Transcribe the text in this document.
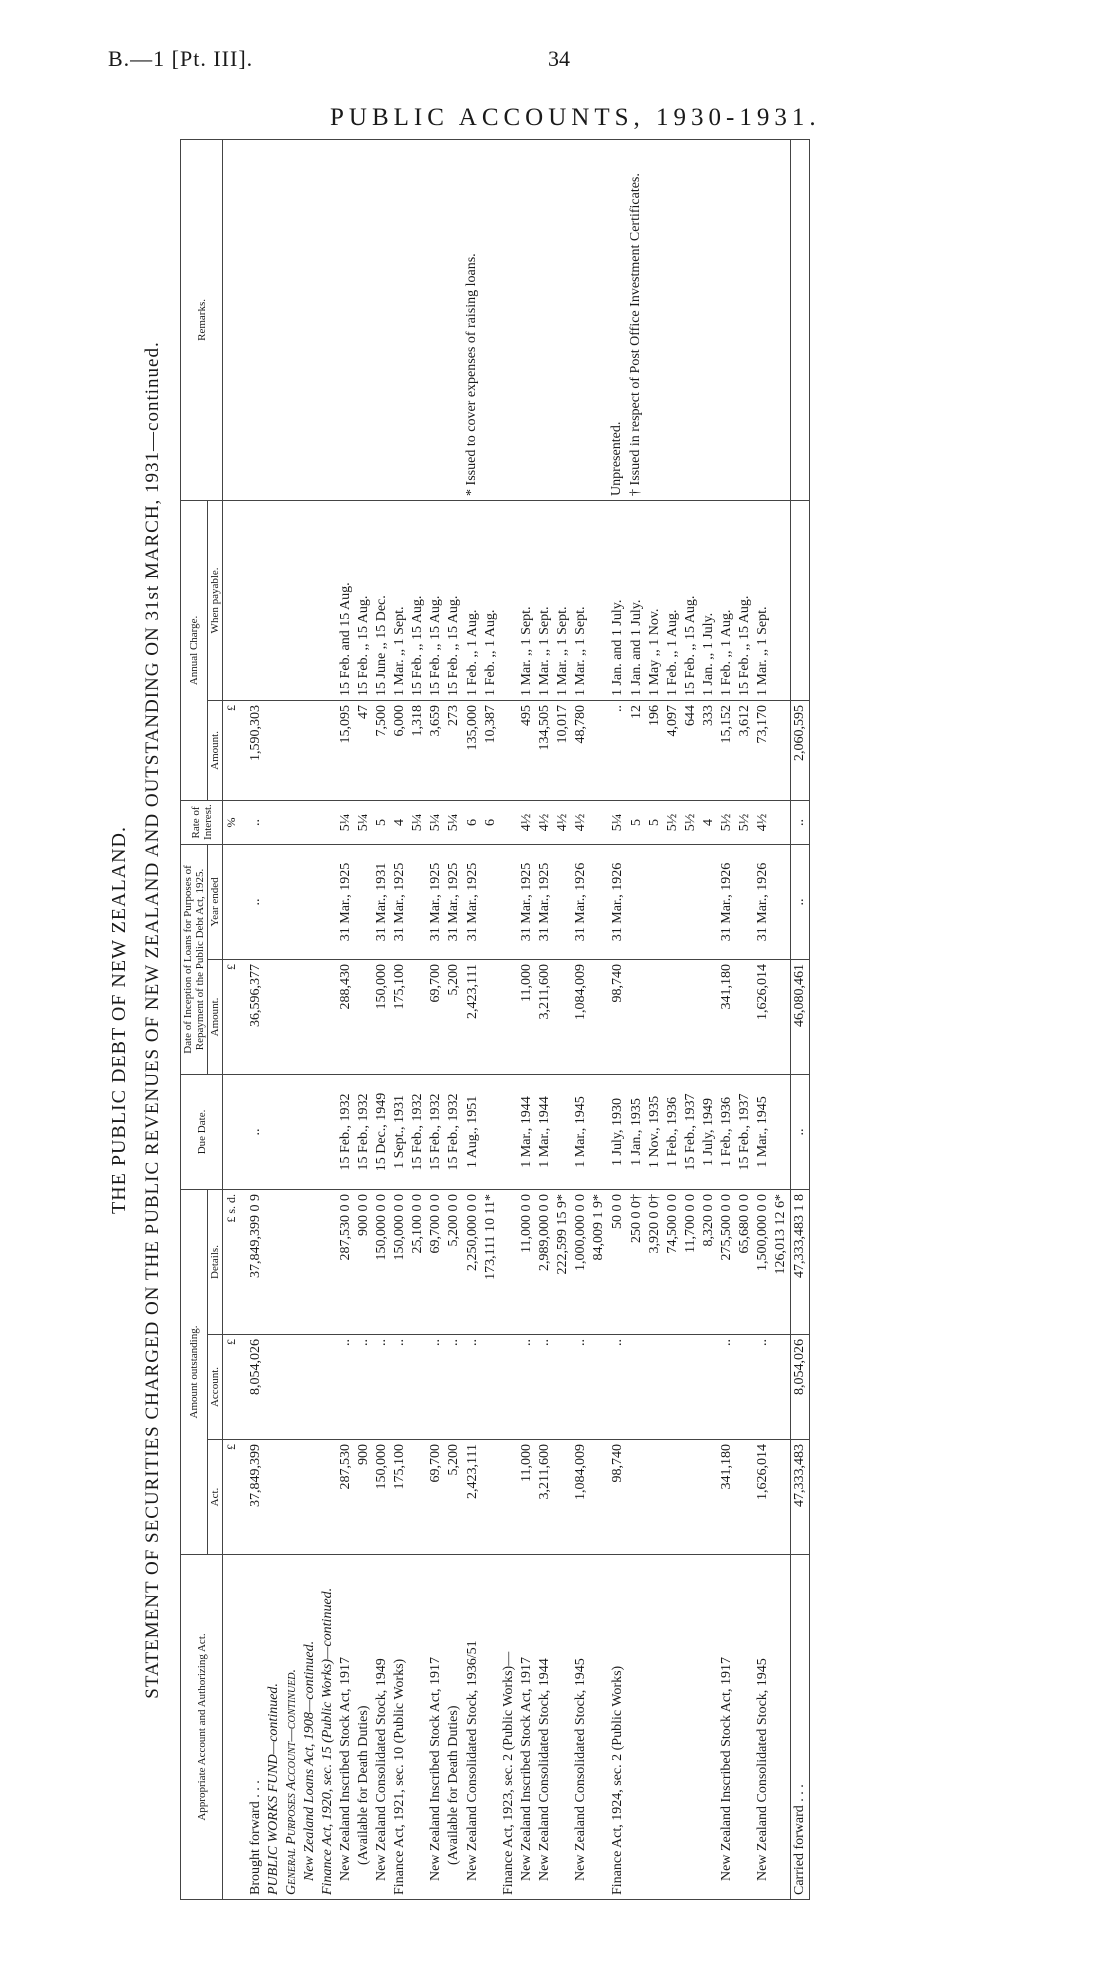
B.—1 [Pt. III].	34
PUBLIC ACCOUNTS, 1930-1931.
THE PUBLIC DEBT OF NEW ZEALAND. STATEMENT OF SECURITIES CHARGED ON THE PUBLIC REVENUES OF NEW ZEALAND AND OUTSTANDING ON 31st MARCH, 1931—continued.
Appropriate Account and Authorizing Act.	Amount outstanding.			Due Date.	Date of Inception of Loans for Purposes of Repayment of the Public Debt Act, 1925.		Rate of Interest.	Annual Charge.		Remarks.
	Act.	Account.	Details.		Amount.	Year ended		Amount.	When payable.	
	£	£	£ s. d.		£		%	£		
Brought forward . . .	37,849,399	8,054,026	37,849,399 0 9	..	36,596,377	..	..	1,590,303		
PUBLIC WORKS FUND—continued.										
General Purposes Account—continued.										
New Zealand Loans Act, 1908—continued.										
Finance Act, 1920, sec. 15 (Public Works)—continued.										
New Zealand Inscribed Stock Act, 1917	287,530	..	287,530 0 0	15 Feb., 1932	288,430	31 Mar., 1925	5¼	15,095	15 Feb. and 15 Aug.	
(Available for Death Duties)	900	..	900 0 0	15 Feb., 1932			5¼	47	15 Feb. ,, 15 Aug.	
New Zealand Consolidated Stock, 1949	150,000	..	150,000 0 0	15 Dec., 1949	150,000	31 Mar., 1931	5	7,500	15 June ,, 15 Dec.	
Finance Act, 1921, sec. 10 (Public Works)	175,100	..	150,000 0 0	1 Sept., 1931	175,100	31 Mar., 1925	4	6,000	1 Mar. ,, 1 Sept.	
			25,100 0 0	15 Feb., 1932			5¼	1,318	15 Feb. ,, 15 Aug.	
New Zealand Inscribed Stock Act, 1917	69,700	..	69,700 0 0	15 Feb., 1932	69,700	31 Mar., 1925	5¼	3,659	15 Feb. ,, 15 Aug.	
(Available for Death Duties)	5,200	..	5,200 0 0	15 Feb., 1932	5,200	31 Mar., 1925	5¼	273	15 Feb. ,, 15 Aug.	
New Zealand Consolidated Stock, 1936/51	2,423,111	..	2,250,000 0 0	1 Aug., 1951	2,423,111	31 Mar., 1925	6	135,000	1 Feb. ,, 1 Aug.	* Issued to cover expenses of raising loans.
			173,111 10 11*				6	10,387	1 Feb. ,, 1 Aug.	
Finance Act, 1923, sec. 2 (Public Works)—										
New Zealand Inscribed Stock Act, 1917	11,000	..	11,000 0 0	1 Mar., 1944	11,000	31 Mar., 1925	4½	495	1 Mar. ,, 1 Sept.	
New Zealand Consolidated Stock, 1944	3,211,600	..	2,989,000 0 0	1 Mar., 1944	3,211,600	31 Mar., 1925	4½	134,505	1 Mar. ,, 1 Sept.	
			222,599 15 9*				4½	10,017	1 Mar. ,, 1 Sept.	
New Zealand Consolidated Stock, 1945	1,084,009	..	1,000,000 0 0	1 Mar., 1945	1,084,009	31 Mar., 1926	4½	48,780	1 Mar. ,, 1 Sept.	
			84,009 1 9*							
Finance Act, 1924, sec. 2 (Public Works)	98,740	..	50 0 0	1 July, 1930	98,740	31 Mar., 1926	5¼	..	1 Jan. and 1 July.	Unpresented.
			250 0 0†	1 Jan., 1935			5	12	1 Jan. and 1 July.	† Issued in respect of Post Office Investment Certificates.
			3,920 0 0†	1 Nov., 1935			5	196	1 May ,, 1 Nov.	
			74,500 0 0	1 Feb., 1936			5½	4,097	1 Feb. ,, 1 Aug.	
			11,700 0 0	15 Feb., 1937			5½	644	15 Feb. ,, 15 Aug.	
			8,320 0 0	1 July, 1949			4	333	1 Jan. ,, 1 July.	
New Zealand Inscribed Stock Act, 1917	341,180	..	275,500 0 0	1 Feb., 1936	341,180	31 Mar., 1926	5½	15,152	1 Feb. ,, 1 Aug.	
			65,680 0 0	15 Feb., 1937			5½	3,612	15 Feb. ,, 15 Aug.	
New Zealand Consolidated Stock, 1945	1,626,014	..	1,500,000 0 0	1 Mar., 1945	1,626,014	31 Mar., 1926	4½	73,170	1 Mar. ,, 1 Sept.	
			126,013 12 6*							
Carried forward . . .	47,333,483	8,054,026	47,333,483 1 8	..	46,080,461	..	..	2,060,595		
